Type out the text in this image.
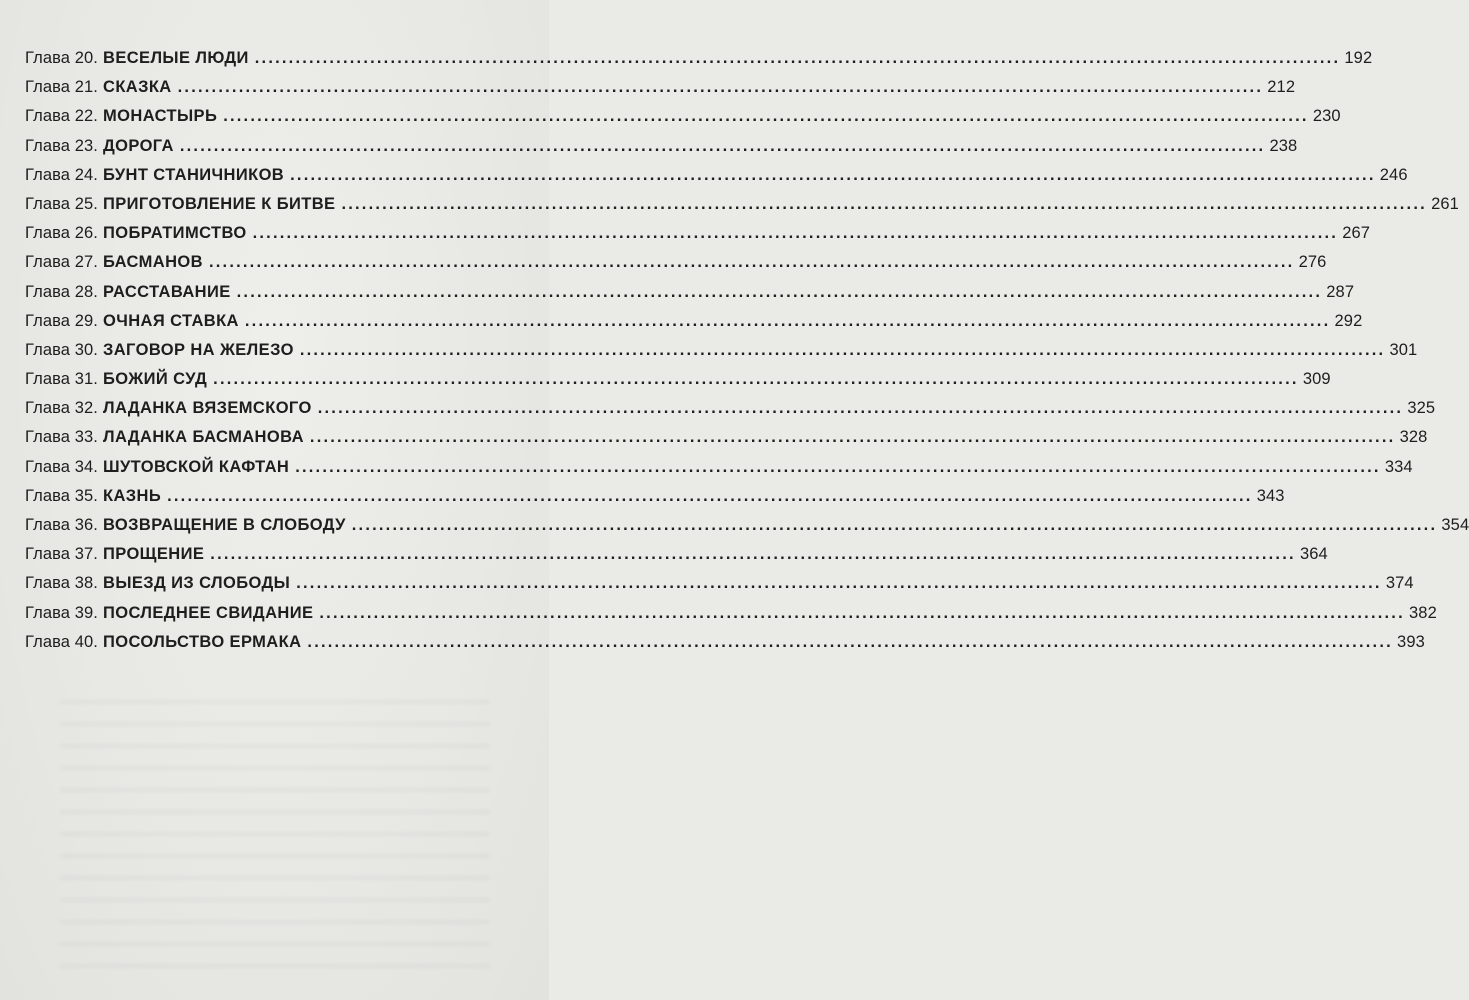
Глава 20. ВЕСЕЛЫЕ ЛЮДИ ................................................................................................................................................................ 192
Глава 21. СКАЗКА ................................................................................................................................................................ 212
Глава 22. МОНАСТЫРЬ ................................................................................................................................................................ 230
Глава 23. ДОРОГА ................................................................................................................................................................ 238
Глава 24. БУНТ СТАНИЧНИКОВ ................................................................................................................................................................ 246
Глава 25. ПРИГОТОВЛЕНИЕ К БИТВЕ ................................................................................................................................................................ 261
Глава 26. ПОБРАТИМСТВО ................................................................................................................................................................ 267
Глава 27. БАСМАНОВ ................................................................................................................................................................ 276
Глава 28. РАССТАВАНИЕ ................................................................................................................................................................ 287
Глава 29. ОЧНАЯ СТАВКА ................................................................................................................................................................ 292
Глава 30. ЗАГОВОР НА ЖЕЛЕЗО ................................................................................................................................................................ 301
Глава 31. БОЖИЙ СУД ................................................................................................................................................................ 309
Глава 32. ЛАДАНКА ВЯЗЕМСКОГО ................................................................................................................................................................ 325
Глава 33. ЛАДАНКА БАСМАНОВА ................................................................................................................................................................ 328
Глава 34. ШУТОВСКОЙ КАФТАН ................................................................................................................................................................ 334
Глава 35. КАЗНЬ ................................................................................................................................................................ 343
Глава 36. ВОЗВРАЩЕНИЕ В СЛОБОДУ ................................................................................................................................................................ 354
Глава 37. ПРОЩЕНИЕ ................................................................................................................................................................ 364
Глава 38. ВЫЕЗД ИЗ СЛОБОДЫ ................................................................................................................................................................ 374
Глава 39. ПОСЛЕДНЕЕ СВИДАНИЕ ................................................................................................................................................................ 382
Глава 40. ПОСОЛЬСТВО ЕРМАКА ................................................................................................................................................................ 393
